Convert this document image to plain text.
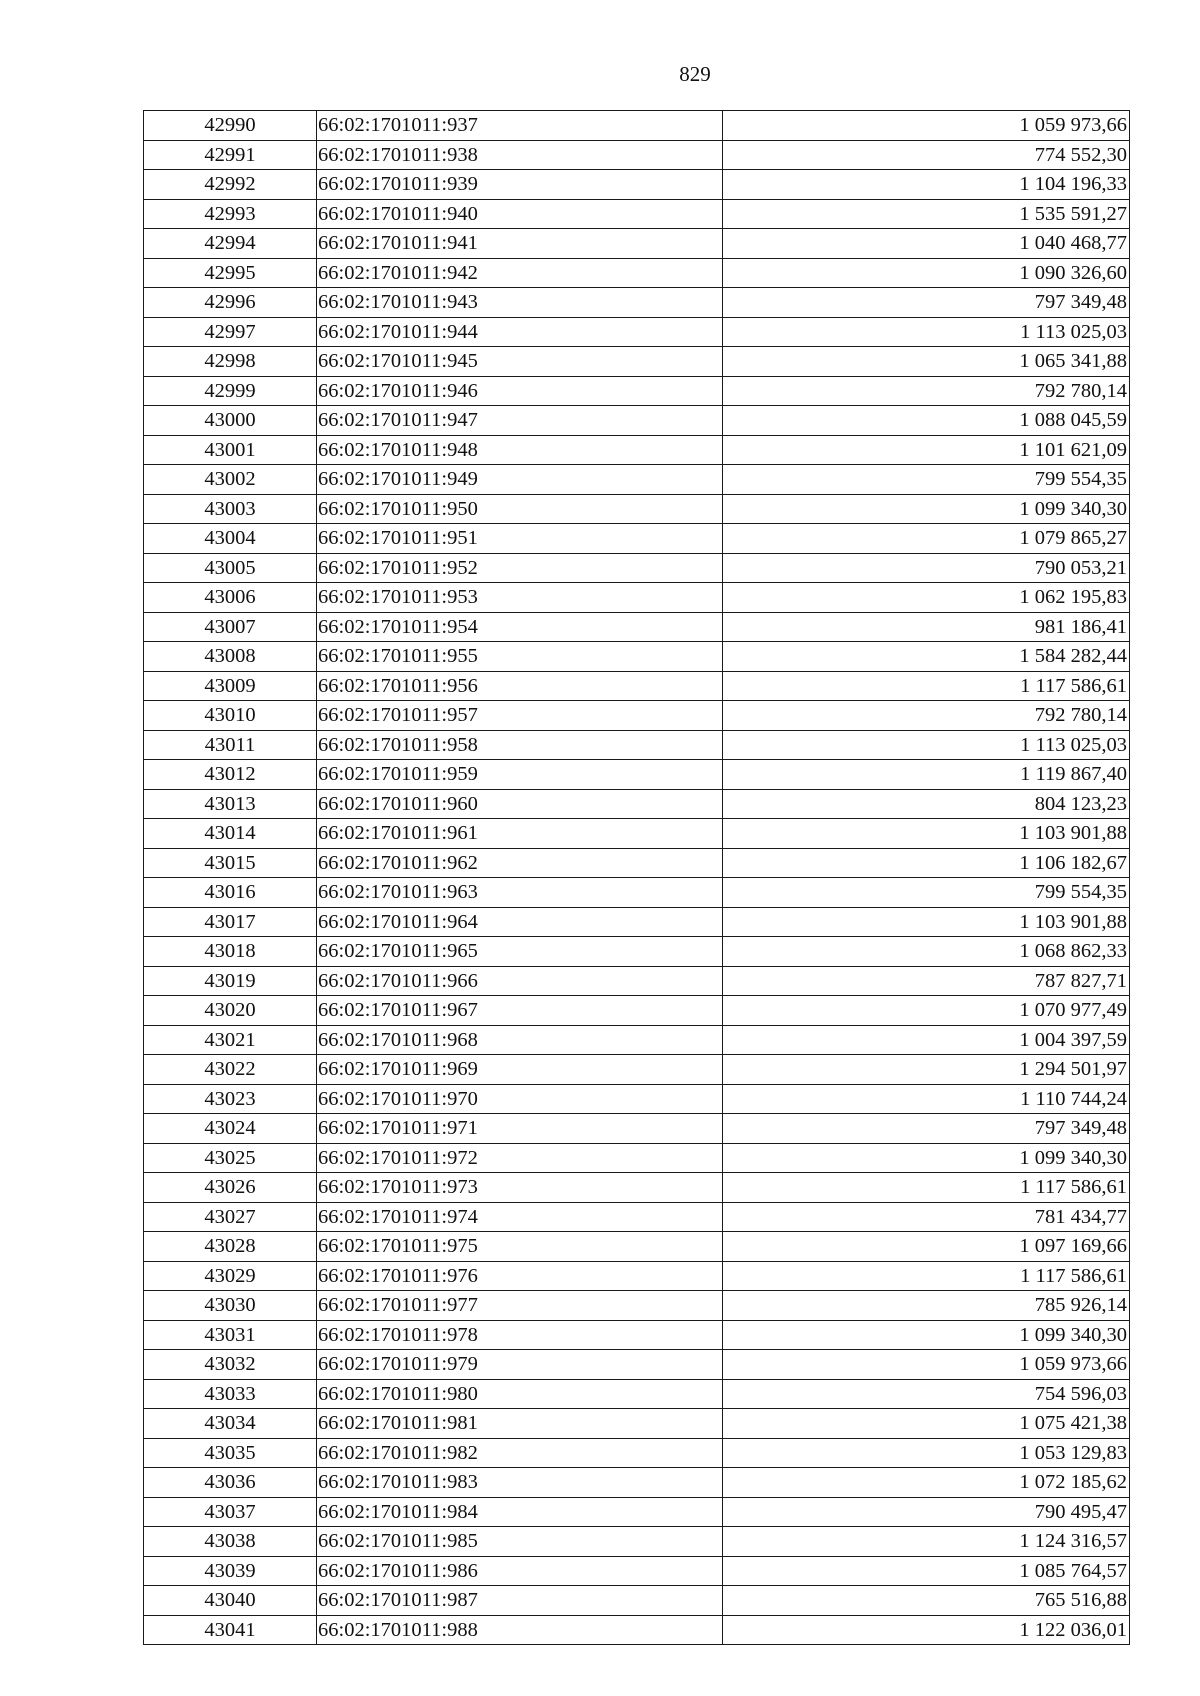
829
42990	66:02:1701011:937	1 059 973,66
42991	66:02:1701011:938	774 552,30
42992	66:02:1701011:939	1 104 196,33
42993	66:02:1701011:940	1 535 591,27
42994	66:02:1701011:941	1 040 468,77
42995	66:02:1701011:942	1 090 326,60
42996	66:02:1701011:943	797 349,48
42997	66:02:1701011:944	1 113 025,03
42998	66:02:1701011:945	1 065 341,88
42999	66:02:1701011:946	792 780,14
43000	66:02:1701011:947	1 088 045,59
43001	66:02:1701011:948	1 101 621,09
43002	66:02:1701011:949	799 554,35
43003	66:02:1701011:950	1 099 340,30
43004	66:02:1701011:951	1 079 865,27
43005	66:02:1701011:952	790 053,21
43006	66:02:1701011:953	1 062 195,83
43007	66:02:1701011:954	981 186,41
43008	66:02:1701011:955	1 584 282,44
43009	66:02:1701011:956	1 117 586,61
43010	66:02:1701011:957	792 780,14
43011	66:02:1701011:958	1 113 025,03
43012	66:02:1701011:959	1 119 867,40
43013	66:02:1701011:960	804 123,23
43014	66:02:1701011:961	1 103 901,88
43015	66:02:1701011:962	1 106 182,67
43016	66:02:1701011:963	799 554,35
43017	66:02:1701011:964	1 103 901,88
43018	66:02:1701011:965	1 068 862,33
43019	66:02:1701011:966	787 827,71
43020	66:02:1701011:967	1 070 977,49
43021	66:02:1701011:968	1 004 397,59
43022	66:02:1701011:969	1 294 501,97
43023	66:02:1701011:970	1 110 744,24
43024	66:02:1701011:971	797 349,48
43025	66:02:1701011:972	1 099 340,30
43026	66:02:1701011:973	1 117 586,61
43027	66:02:1701011:974	781 434,77
43028	66:02:1701011:975	1 097 169,66
43029	66:02:1701011:976	1 117 586,61
43030	66:02:1701011:977	785 926,14
43031	66:02:1701011:978	1 099 340,30
43032	66:02:1701011:979	1 059 973,66
43033	66:02:1701011:980	754 596,03
43034	66:02:1701011:981	1 075 421,38
43035	66:02:1701011:982	1 053 129,83
43036	66:02:1701011:983	1 072 185,62
43037	66:02:1701011:984	790 495,47
43038	66:02:1701011:985	1 124 316,57
43039	66:02:1701011:986	1 085 764,57
43040	66:02:1701011:987	765 516,88
43041	66:02:1701011:988	1 122 036,01
